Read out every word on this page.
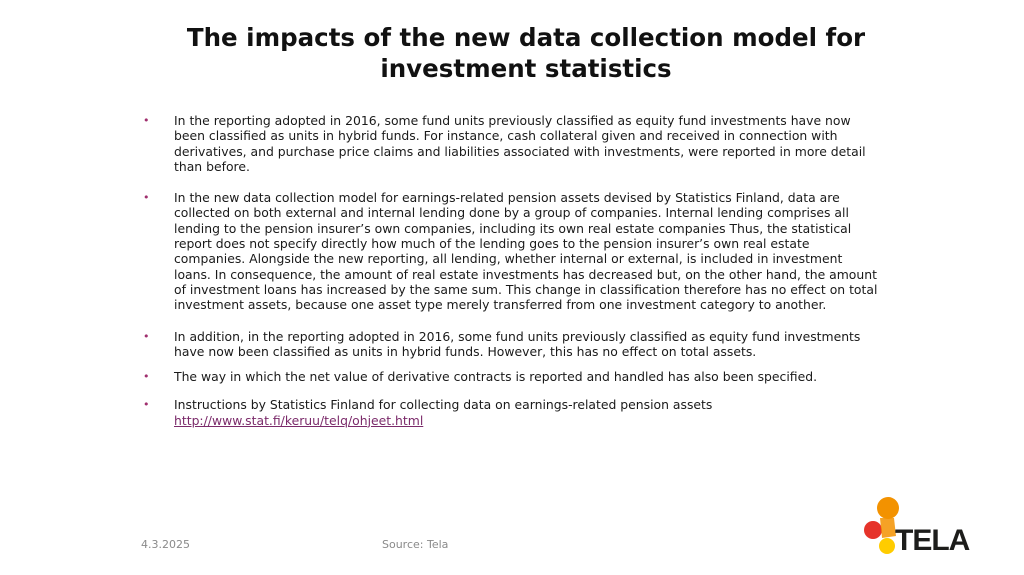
The impacts of the new data collection model for investment statistics

• In the reporting adopted in 2016, some fund units previously classified as equity fund investments have now been classified as units in hybrid funds. For instance, cash collateral given and received in connection with derivatives, and purchase price claims and liabilities associated with investments, were reported in more detail than before.

• In the new data collection model for earnings-related pension assets devised by Statistics Finland, data are collected on both external and internal lending done by a group of companies. Internal lending comprises all lending to the pension insurer’s own companies, including its own real estate companies Thus, the statistical report does not specify directly how much of the lending goes to the pension insurer’s own real estate companies. Alongside the new reporting, all lending, whether internal or external, is included in investment loans. In consequence, the amount of real estate investments has decreased but, on the other hand, the amount of investment loans has increased by the same sum. This change in classification therefore has no effect on total investment assets, because one asset type merely transferred from one investment category to another.

• In addition, in the reporting adopted in 2016, some fund units previously classified as equity fund investments have now been classified as units in hybrid funds. However, this has no effect on total assets.

• The way in which the net value of derivative contracts is reported and handled has also been specified.

• Instructions by Statistics Finland for collecting data on earnings-related pension assets
http://www.stat.fi/keruu/telq/ohjeet.html

4.3.2025	Source: Tela	TELA
